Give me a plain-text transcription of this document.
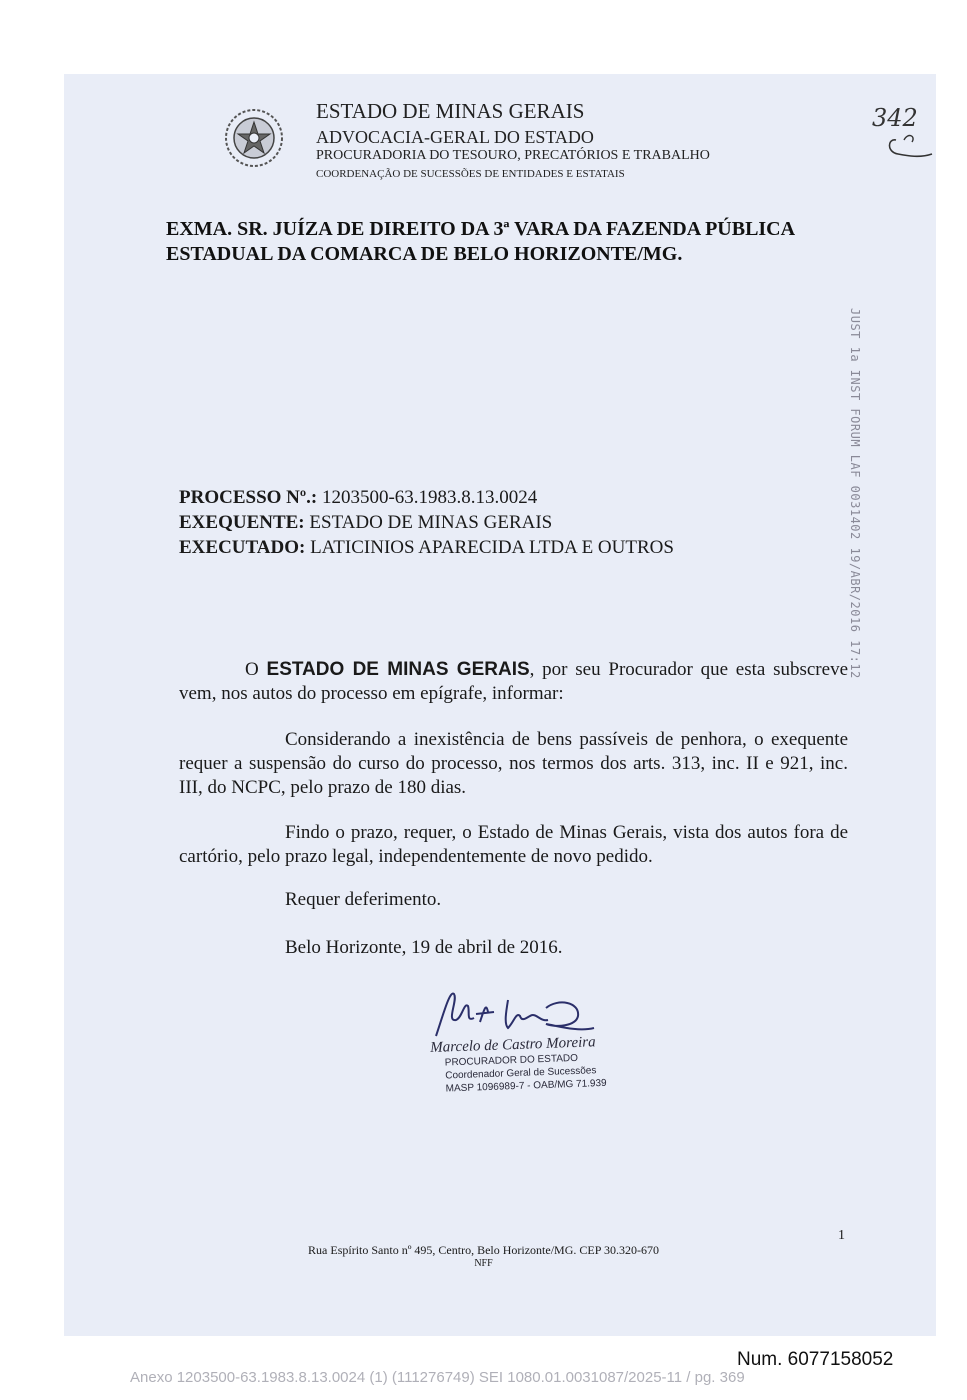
ESTADO DE MINAS GERAIS
ADVOCACIA-GERAL DO ESTADO
PROCURADORIA DO TESOURO, PRECATÓRIOS E TRABALHO
COORDENAÇÃO DE SUCESSÕES DE ENTIDADES E ESTATAIS
342
EXMA. SR. JUÍZA DE DIREITO DA 3ª VARA DA FAZENDA PÚBLICA
ESTADUAL DA COMARCA DE BELO HORIZONTE/MG.
JUST 1a INST FORUM LAF 0031402 19/ABR/2016 17:12
PROCESSO Nº.: 1203500-63.1983.8.13.0024
EXEQUENTE: ESTADO DE MINAS GERAIS
EXECUTADO: LATICINIOS APARECIDA LTDA E OUTROS
O ESTADO DE MINAS GERAIS, por seu Procurador que esta subscreve vem, nos autos do processo em epígrafe, informar:
Considerando a inexistência de bens passíveis de penhora, o exequente requer a suspensão do curso do processo, nos termos dos arts. 313, inc. II e 921, inc. III, do NCPC, pelo prazo de 180 dias.
Findo o prazo, requer, o Estado de Minas Gerais, vista dos autos fora de cartório, pelo prazo legal, independentemente de novo pedido.
Requer deferimento.
Belo Horizonte, 19 de abril de 2016.
Marcelo de Castro Moreira
PROCURADOR DO ESTADO
Coordenador Geral de Sucessões
MASP 1096989-7 - OAB/MG 71.939
1
Rua Espírito Santo nº 495, Centro, Belo Horizonte/MG. CEP 30.320-670
NFF
Num. 6077158052
Anexo 1203500-63.1983.8.13.0024 (1) (111276749) SEI 1080.01.0031087/2025-11 / pg. 369
